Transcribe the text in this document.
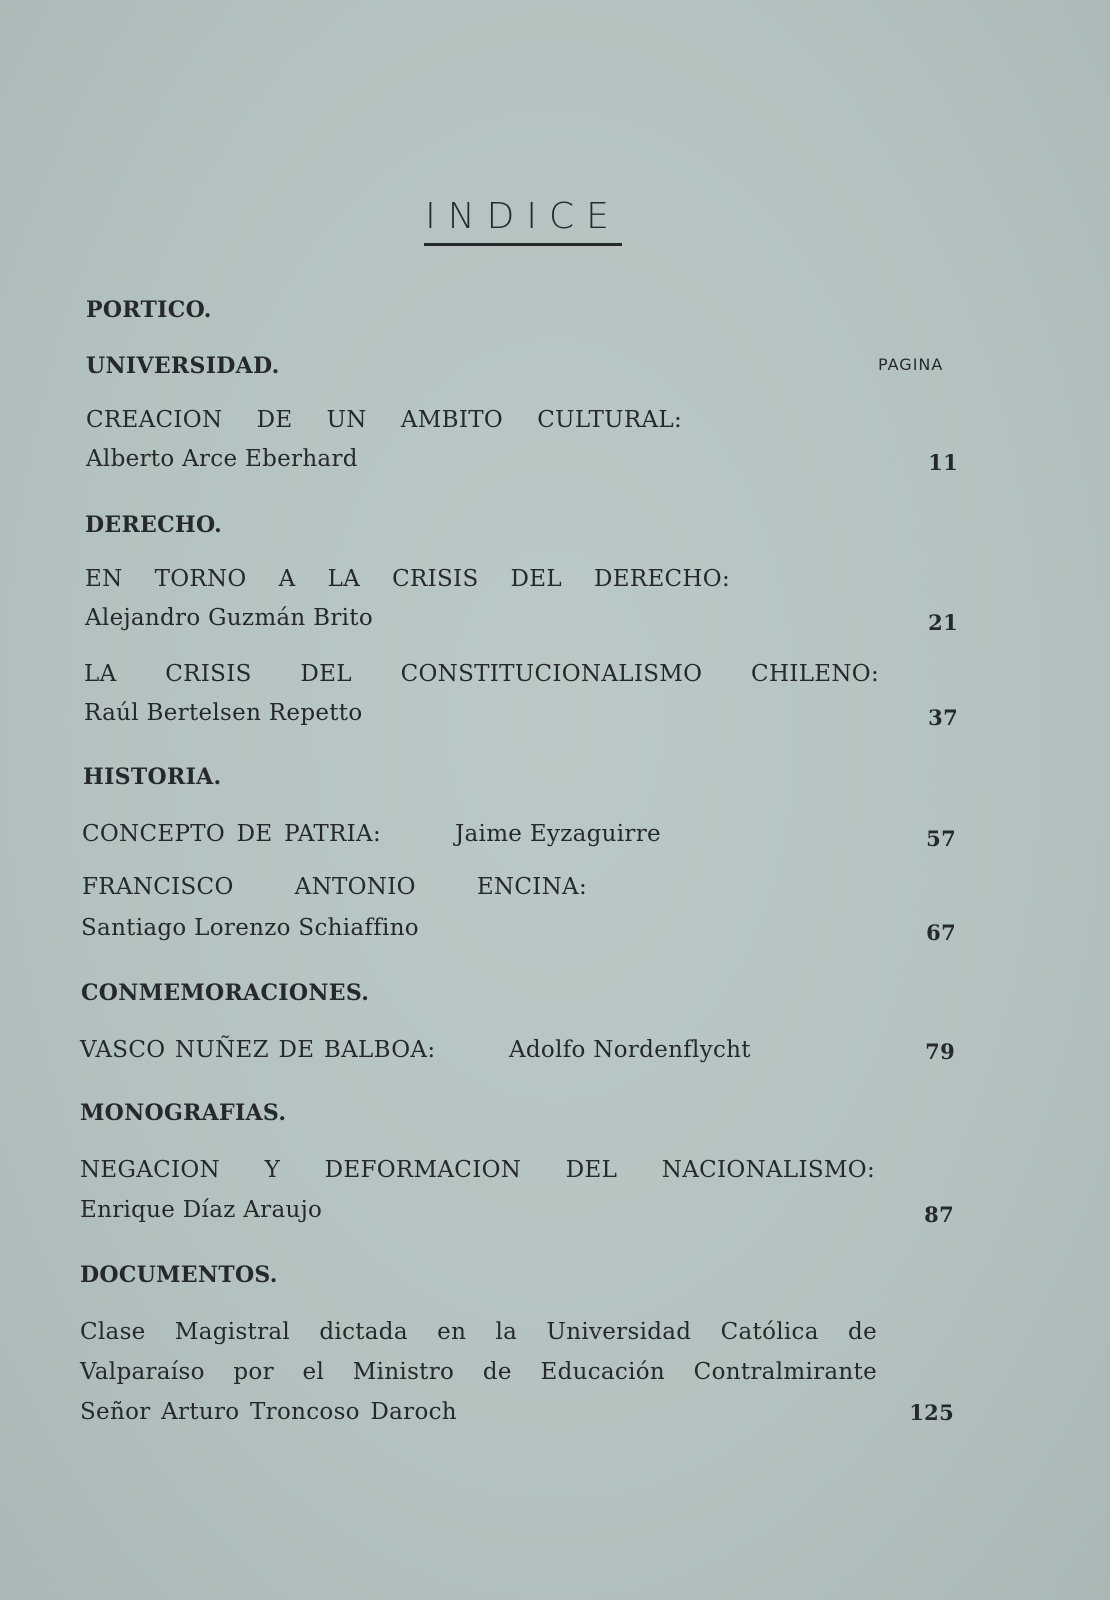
INDICE
PORTICO.
UNIVERSIDAD.	PAGINA
CREACION DE UN AMBITO CULTURAL:
Alberto Arce Eberhard	11
DERECHO.
EN TORNO A LA CRISIS DEL DERECHO:
Alejandro Guzmán Brito	21
LA CRISIS DEL CONSTITUCIONALISMO CHILENO:
Raúl Bertelsen Repetto	37
HISTORIA.
CONCEPTO DE PATRIA:	Jaime Eyzaguirre	57
FRANCISCO ANTONIO ENCINA:
Santiago Lorenzo Schiaffino	67
CONMEMORACIONES.
VASCO NUÑEZ DE BALBOA:	Adolfo Nordenflycht	79
MONOGRAFIAS.
NEGACION Y DEFORMACION DEL NACIONALISMO:
Enrique Díaz Araujo	87
DOCUMENTOS.
Clase Magistral dictada en la Universidad Católica de
Valparaíso por el Ministro de Educación Contralmirante
Señor Arturo Troncoso Daroch	125
